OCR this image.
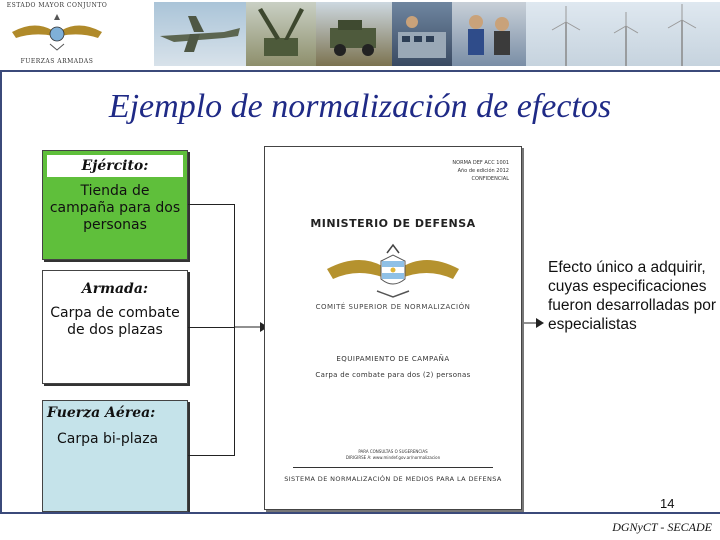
ESTADO MAYOR CONJUNTO
FUERZAS ARMADAS
Ejemplo de normalización de efectos
Ejército:
Tienda de campaña para dos personas
Armada:
Carpa de combate de dos plazas
Fuerza Aérea:
Carpa bi-plaza
NORMA DEF ACC 1001
Año de edición 2012
CONFIDENCIAL
MINISTERIO DE DEFENSA
COMITÉ SUPERIOR DE NORMALIZACIÓN
EQUIPAMIENTO DE CAMPAÑA
Carpa de combate para dos (2) personas
PARA CONSULTAS O SUGERENCIAS
DIRIGIRSE A: www.mindef.gov.ar/normalizacion
SISTEMA DE NORMALIZACIÓN DE MEDIOS PARA LA DEFENSA
Efecto único a adquirir, cuyas especificaciones fueron desarrolladas por especialistas
14
DGNyCT - SECADE
